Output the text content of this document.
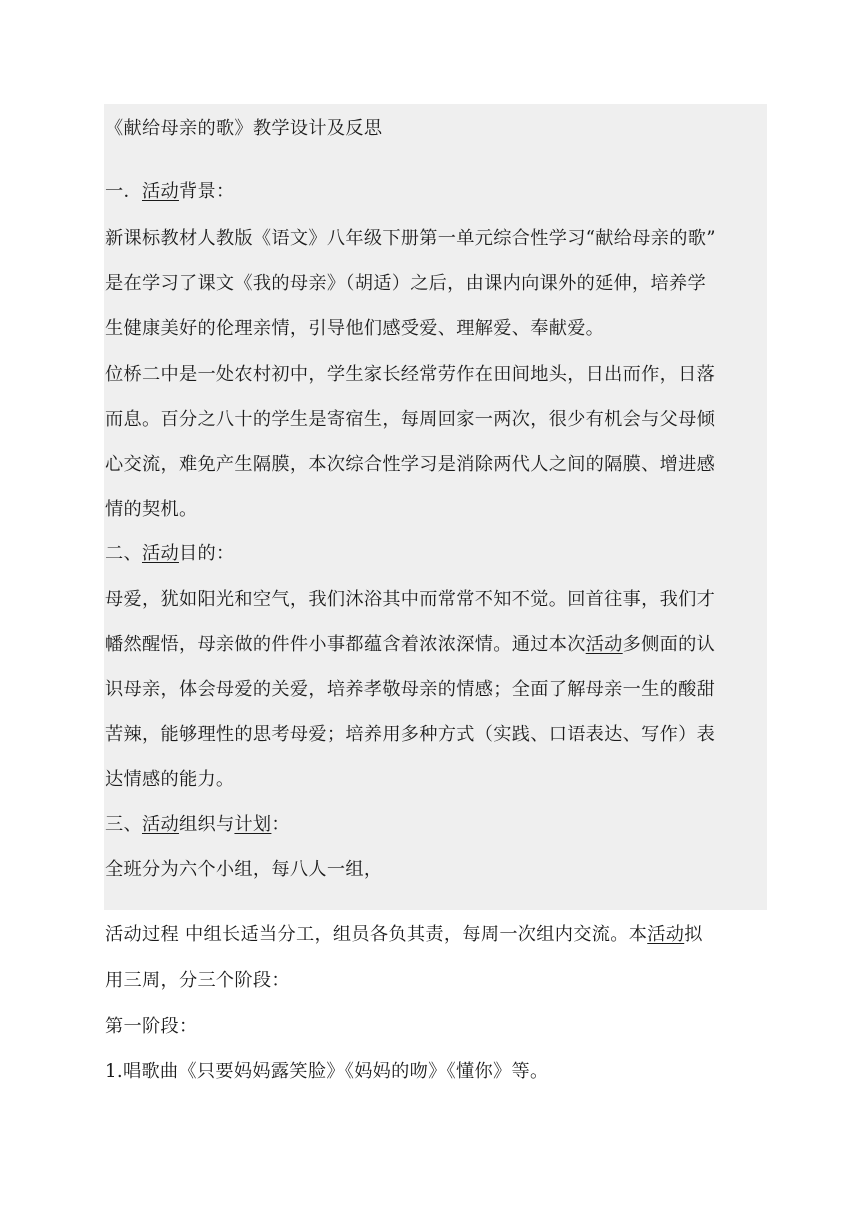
《献给母亲的歌》教学设计及反思
一．活动背景：
新课标教材人教版《语文》八年级下册第一单元综合性学习“献给母亲的歌”
是在学习了课文《我的母亲》（胡适）之后，由课内向课外的延伸，培养学
生健康美好的伦理亲情，引导他们感受爱、理解爱、奉献爱。
位桥二中是一处农村初中，学生家长经常劳作在田间地头，日出而作，日落
而息。百分之八十的学生是寄宿生，每周回家一两次，很少有机会与父母倾
心交流，难免产生隔膜，本次综合性学习是消除两代人之间的隔膜、增进感
情的契机。
二、活动目的：
母爱，犹如阳光和空气，我们沐浴其中而常常不知不觉。回首往事，我们才
幡然醒悟，母亲做的件件小事都蕴含着浓浓深情。通过本次活动多侧面的认
识母亲，体会母爱的关爱，培养孝敬母亲的情感；全面了解母亲一生的酸甜
苦辣，能够理性的思考母爱；培养用多种方式（实践、口语表达、写作）表
达情感的能力。
三、活动组织与计划：
全班分为六个小组，每八人一组，
活动过程 中组长适当分工，组员各负其责，每周一次组内交流。本活动拟
用三周，分三个阶段：
第一阶段：
1.唱歌曲《只要妈妈露笑脸》《妈妈的吻》《懂你》等。
